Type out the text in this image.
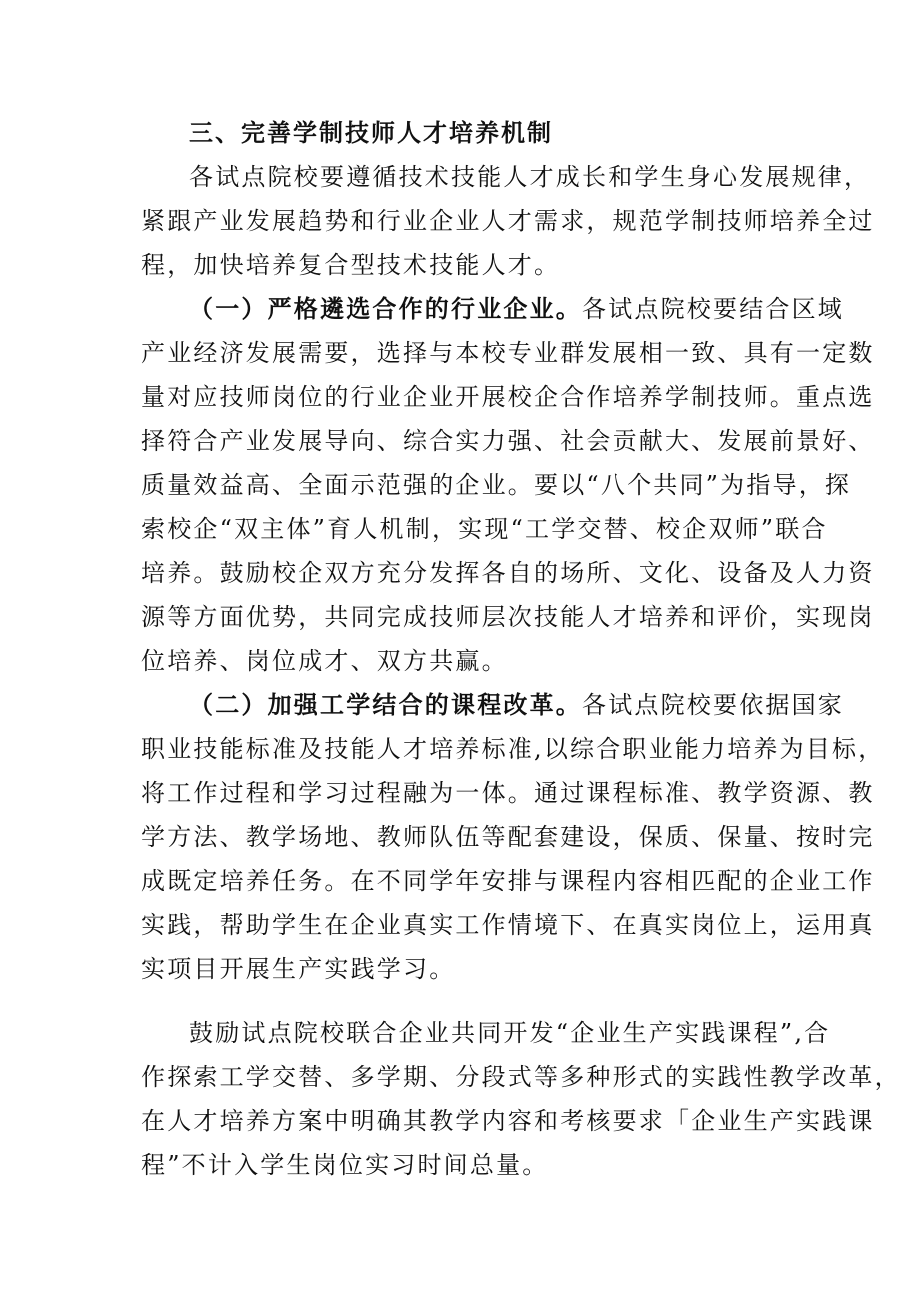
三、完善学制技师人才培养机制
各试点院校要遵循技术技能人才成长和学生身心发展规律，
紧跟产业发展趋势和行业企业人才需求，规范学制技师培养全过
程，加快培养复合型技术技能人才。
（一）严格遴选合作的行业企业。各试点院校要结合区域
产业经济发展需要，选择与本校专业群发展相一致、具有一定数
量对应技师岗位的行业企业开展校企合作培养学制技师。重点选
择符合产业发展导向、综合实力强、社会贡献大、发展前景好、
质量效益高、全面示范强的企业。要以“八个共同”为指导，探
索校企“双主体”育人机制，实现“工学交替、校企双师”联合
培养。鼓励校企双方充分发挥各自的场所、文化、设备及人力资
源等方面优势，共同完成技师层次技能人才培养和评价，实现岗
位培养、岗位成才、双方共赢。
（二）加强工学结合的课程改革。各试点院校要依据国家
职业技能标准及技能人才培养标准,以综合职业能力培养为目标，
将工作过程和学习过程融为一体。通过课程标准、教学资源、教
学方法、教学场地、教师队伍等配套建设，保质、保量、按时完
成既定培养任务。在不同学年安排与课程内容相匹配的企业工作
实践，帮助学生在企业真实工作情境下、在真实岗位上，运用真
实项目开展生产实践学习。
鼓励试点院校联合企业共同开发“企业生产实践课程”,合
作探索工学交替、多学期、分段式等多种形式的实践性教学改革，
在人才培养方案中明确其教学内容和考核要求「企业生产实践课
程”不计入学生岗位实习时间总量。
